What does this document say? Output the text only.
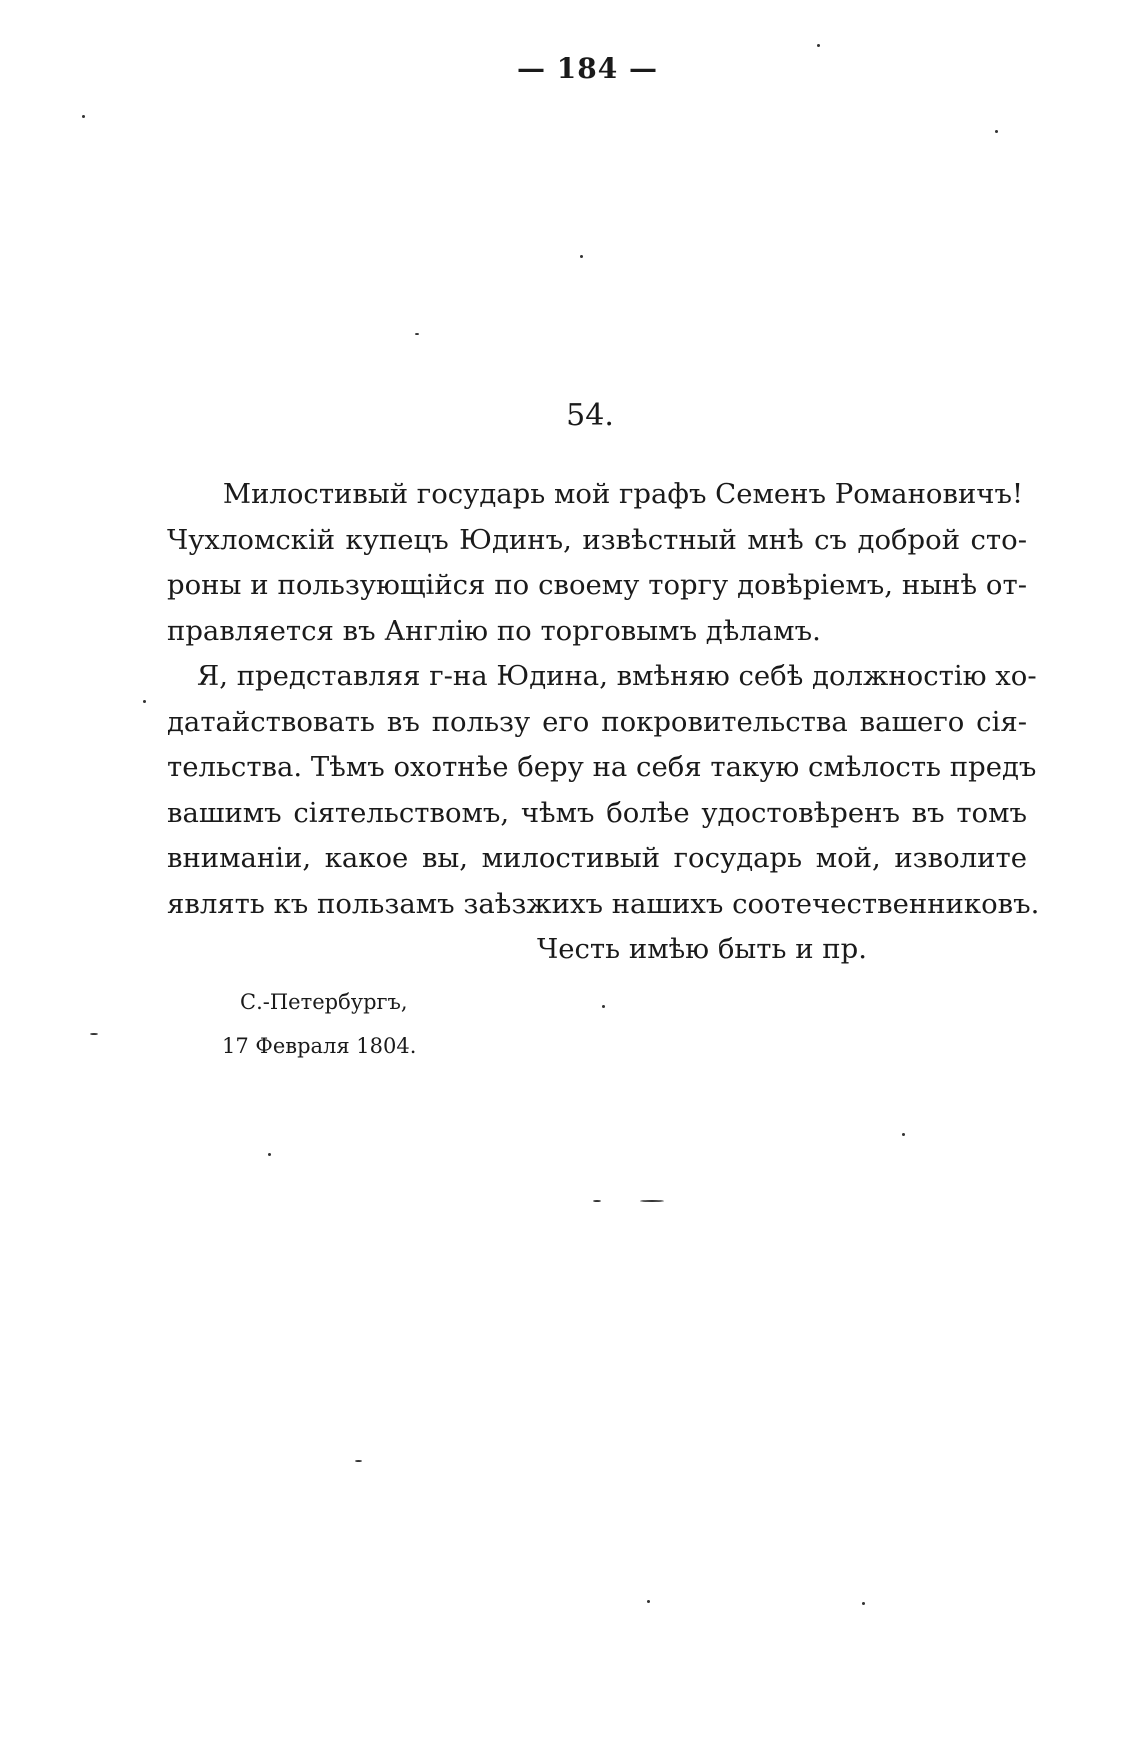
— 184 —
54.
Милостивый государь мой графъ Семенъ Романовичъ!
Чухломскій купецъ Юдинъ, извѣстный мнѣ съ доброй сто-
роны и пользующійся по своему торгу довѣріемъ, нынѣ от-
правляется въ Англію по торговымъ дѣламъ.
Я, представляя г-на Юдина, вмѣняю себѣ должностію хо-
датайствовать въ пользу его покровительства вашего сія-
тельства. Тѣмъ охотнѣе беру на себя такую смѣлость предъ
вашимъ сіятельствомъ, чѣмъ болѣе удостовѣренъ въ томъ
вниманіи, какое вы, милостивый государь мой, изволите
являть къ пользамъ заѣзжихъ нашихъ соотечественниковъ.
Честь имѣю быть и пр.
С.-Петербургъ,
17 Февраля 1804.
